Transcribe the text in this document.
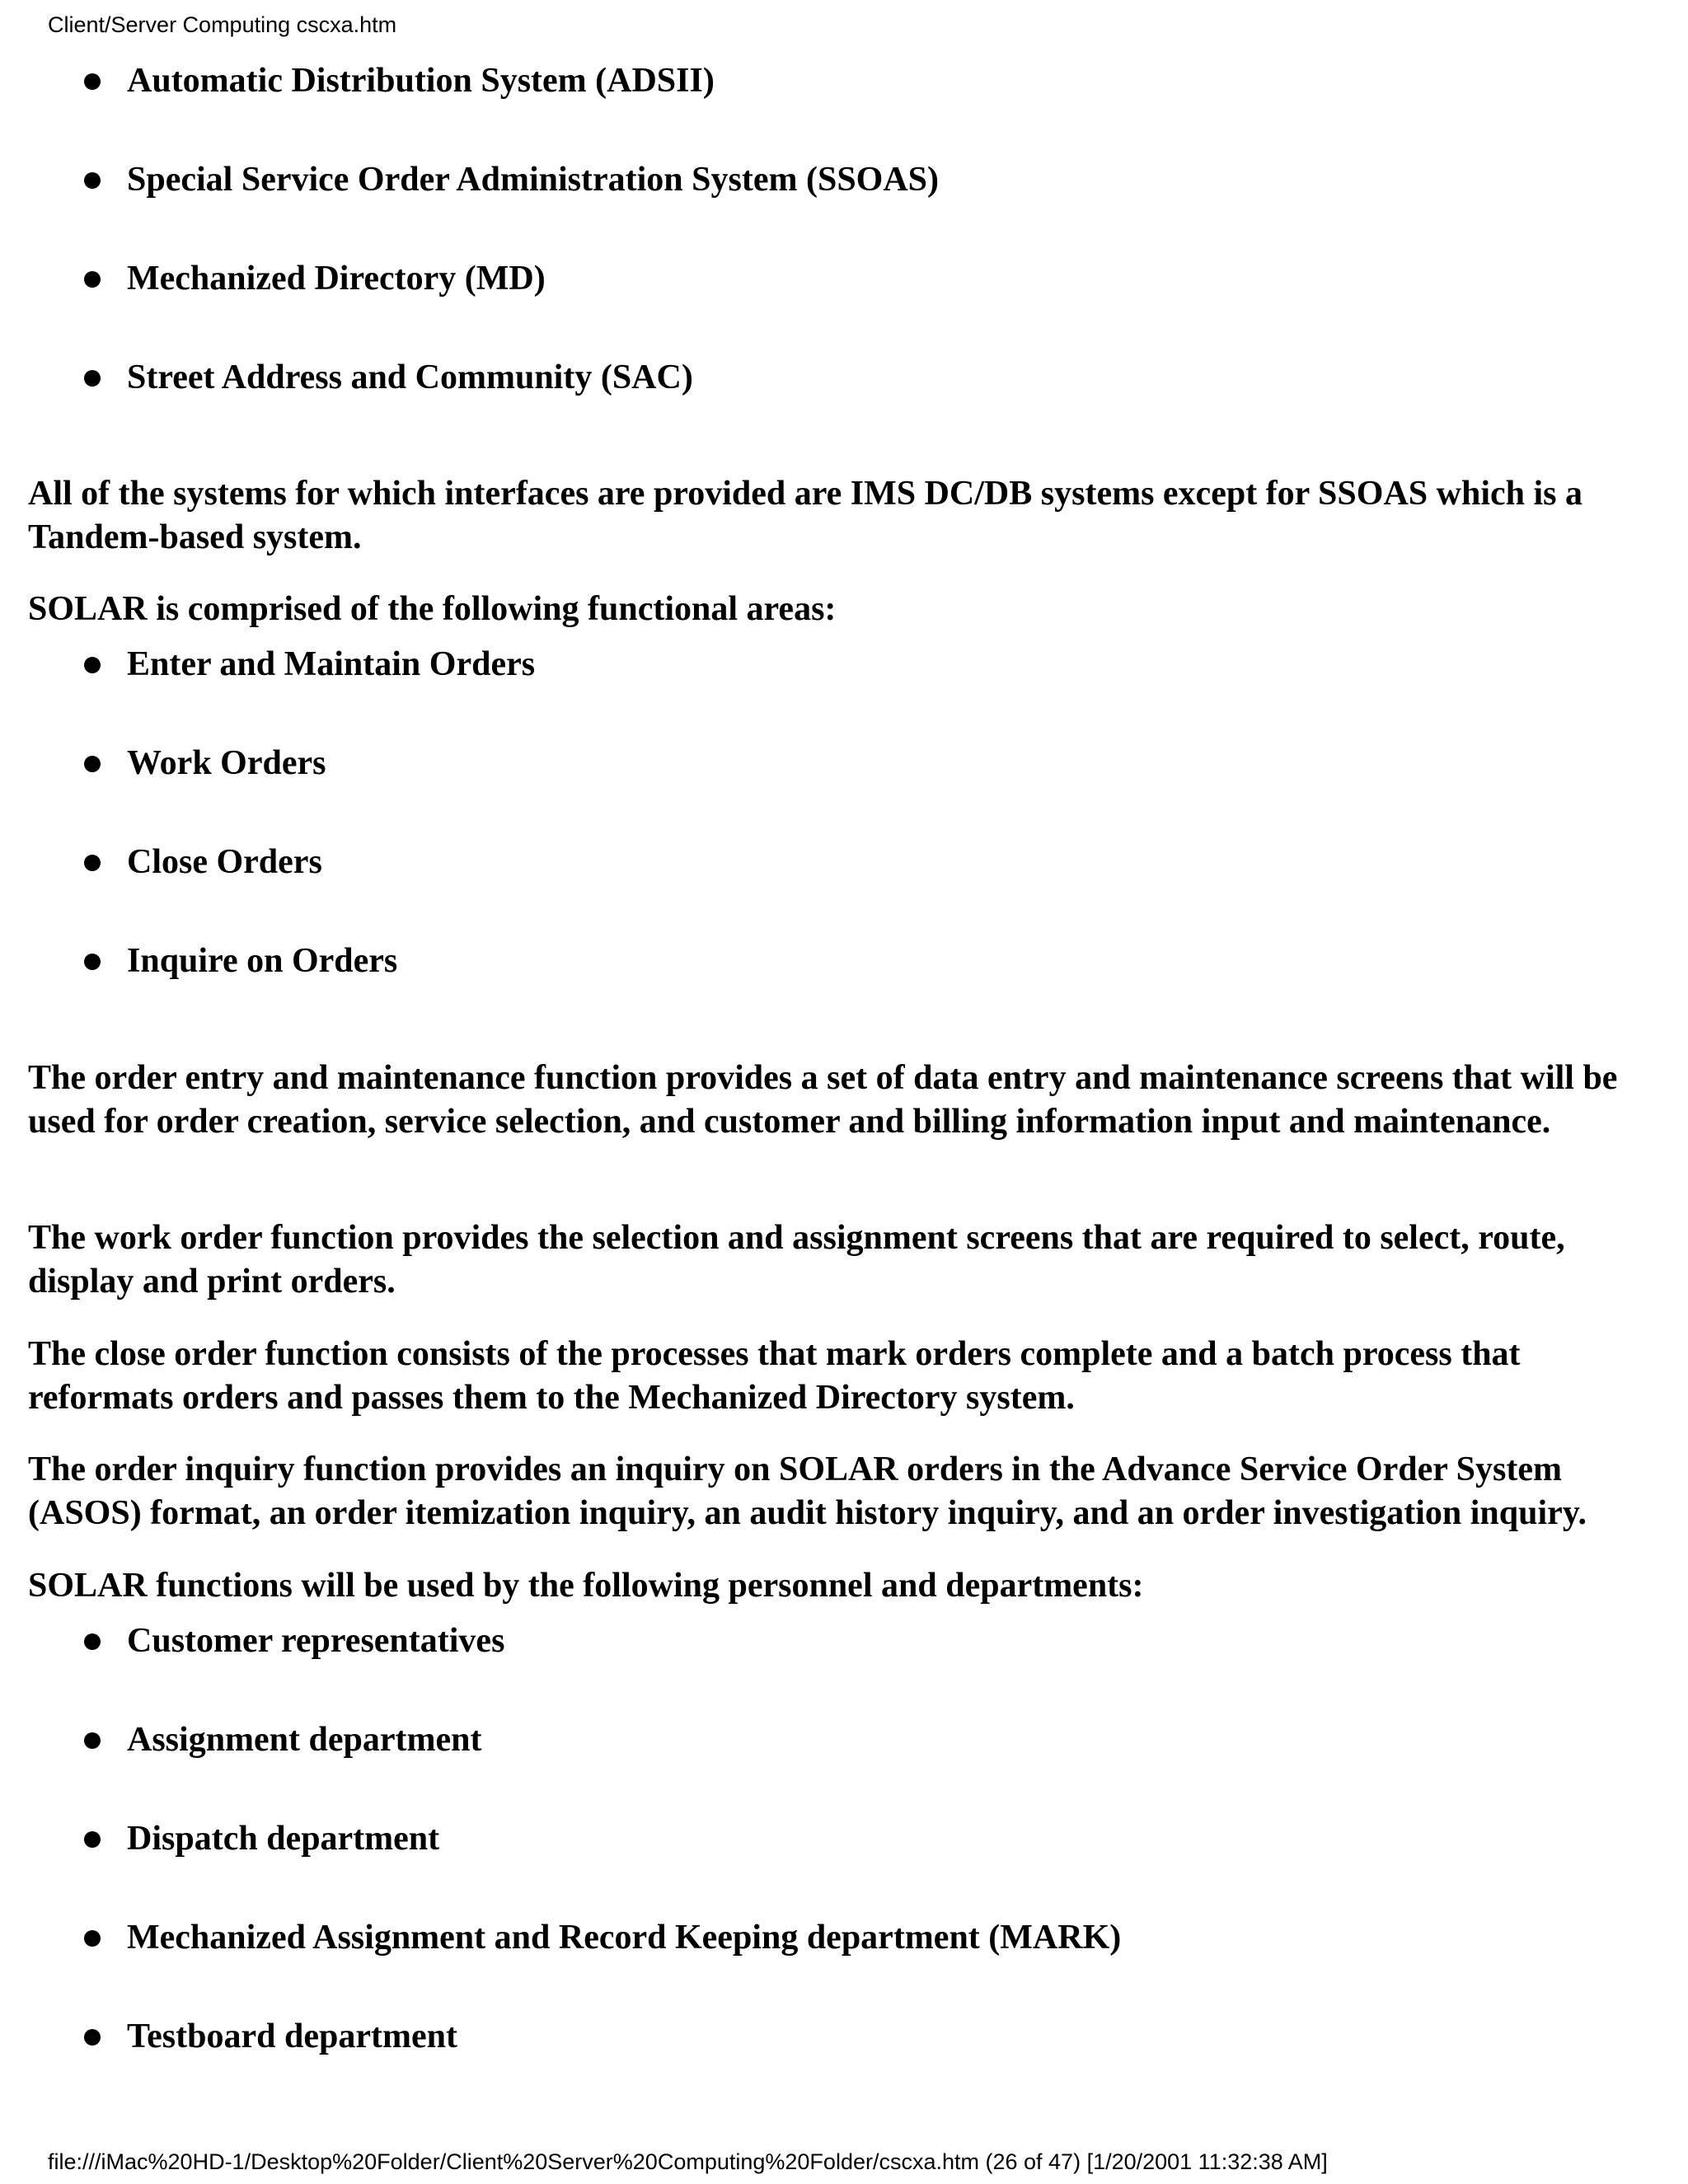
Client/Server Computing cscxa.htm
Automatic Distribution System (ADSII)
Special Service Order Administration System (SSOAS)
Mechanized Directory (MD)
Street Address and Community (SAC)

All of the systems for which interfaces are provided are IMS DC/DB systems except for SSOAS which is a Tandem-based system.

SOLAR is comprised of the following functional areas:

Enter and Maintain Orders
Work Orders
Close Orders
Inquire on Orders

The order entry and maintenance function provides a set of data entry and maintenance screens that will be used for order creation, service selection, and customer and billing information input and maintenance.

The work order function provides the selection and assignment screens that are required to select, route, display and print orders.

The close order function consists of the processes that mark orders complete and a batch process that reformats orders and passes them to the Mechanized Directory system.

The order inquiry function provides an inquiry on SOLAR orders in the Advance Service Order System (ASOS) format, an order itemization inquiry, an audit history inquiry, and an order investigation inquiry.

SOLAR functions will be used by the following personnel and departments:

Customer representatives
Assignment department
Dispatch department
Mechanized Assignment and Record Keeping department (MARK)
Testboard department
file:///iMac%20HD-1/Desktop%20Folder/Client%20Server%20Computing%20Folder/cscxa.htm (26 of 47) [1/20/2001 11:32:38 AM]
